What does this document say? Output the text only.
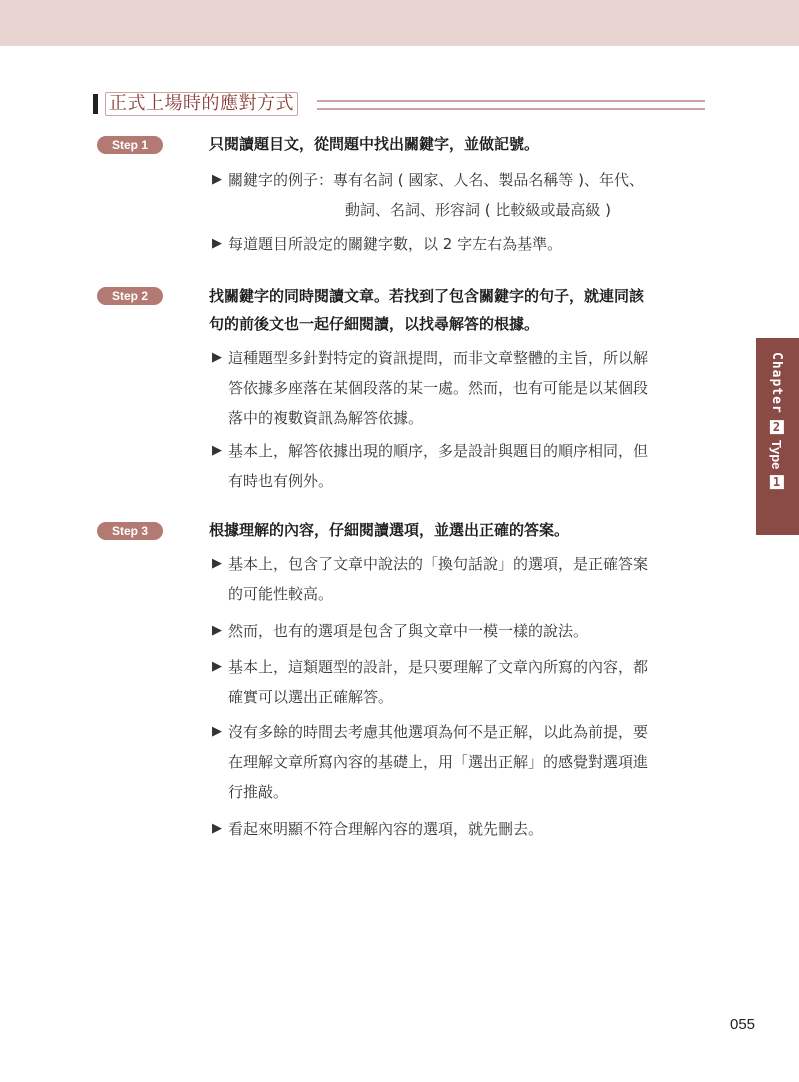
正式上場時的應對方式
Step 1	只閱讀題目文，從問題中找出關鍵字，並做記號。
▶ 關鍵字的例子：專有名詞 ( 國家、人名、製品名稱等 )、年代、
動詞、名詞、形容詞 ( 比較級或最高級 )
▶ 每道題目所設定的關鍵字數，以 2 字左右為基準。
Step 2	找關鍵字的同時閱讀文章。若找到了包含關鍵字的句子，就連同該
句的前後文也一起仔細閱讀，以找尋解答的根據。
▶ 這種題型多針對特定的資訊提問，而非文章整體的主旨，所以解
答依據多座落在某個段落的某一處。然而，也有可能是以某個段
落中的複數資訊為解答依據。
▶ 基本上，解答依據出現的順序，多是設計與題目的順序相同，但
有時也有例外。
Step 3	根據理解的內容，仔細閱讀選項，並選出正確的答案。
▶ 基本上，包含了文章中說法的「換句話說」的選項，是正確答案
的可能性較高。
▶ 然而，也有的選項是包含了與文章中一模一樣的說法。
▶ 基本上，這類題型的設計，是只要理解了文章內所寫的內容，都
確實可以選出正確解答。
▶ 沒有多餘的時間去考慮其他選項為何不是正解，以此為前提，要
在理解文章所寫內容的基礎上，用「選出正解」的感覺對選項進
行推敲。
▶ 看起來明顯不符合理解內容的選項，就先刪去。
Chapter
2
Type
1
055
